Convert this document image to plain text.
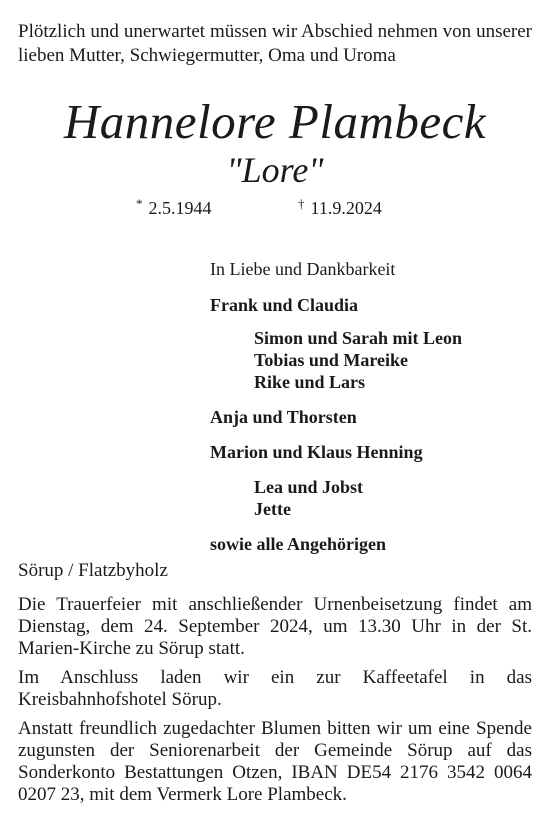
Plötzlich und unerwartet müssen wir Abschied nehmen von unserer lieben Mutter, Schwiegermutter, Oma und Uroma

Hannelore Plambeck
"Lore"
* 2.5.1944	† 11.9.2024
In Liebe und Dankbarkeit
Frank und Claudia
Simon und Sarah mit Leon
Tobias und Mareike
Rike und Lars
Anja und Thorsten
Marion und Klaus Henning
Lea und Jobst
Jette
sowie alle Angehörigen

Sörup / Flatzbyholz

Die Trauerfeier mit anschließender Urnenbeisetzung findet am Dienstag, dem 24. September 2024, um 13.30 Uhr in der St. Marien-Kirche zu Sörup statt.

Im Anschluss laden wir ein zur Kaffeetafel in das Kreisbahnhofshotel Sörup.

Anstatt freundlich zugedachter Blumen bitten wir um eine Spende zugunsten der Seniorenarbeit der Gemeinde Sörup auf das Sonderkonto Bestattungen Otzen, IBAN DE54 2176 3542 0064 0207 23, mit dem Vermerk Lore Plambeck.
